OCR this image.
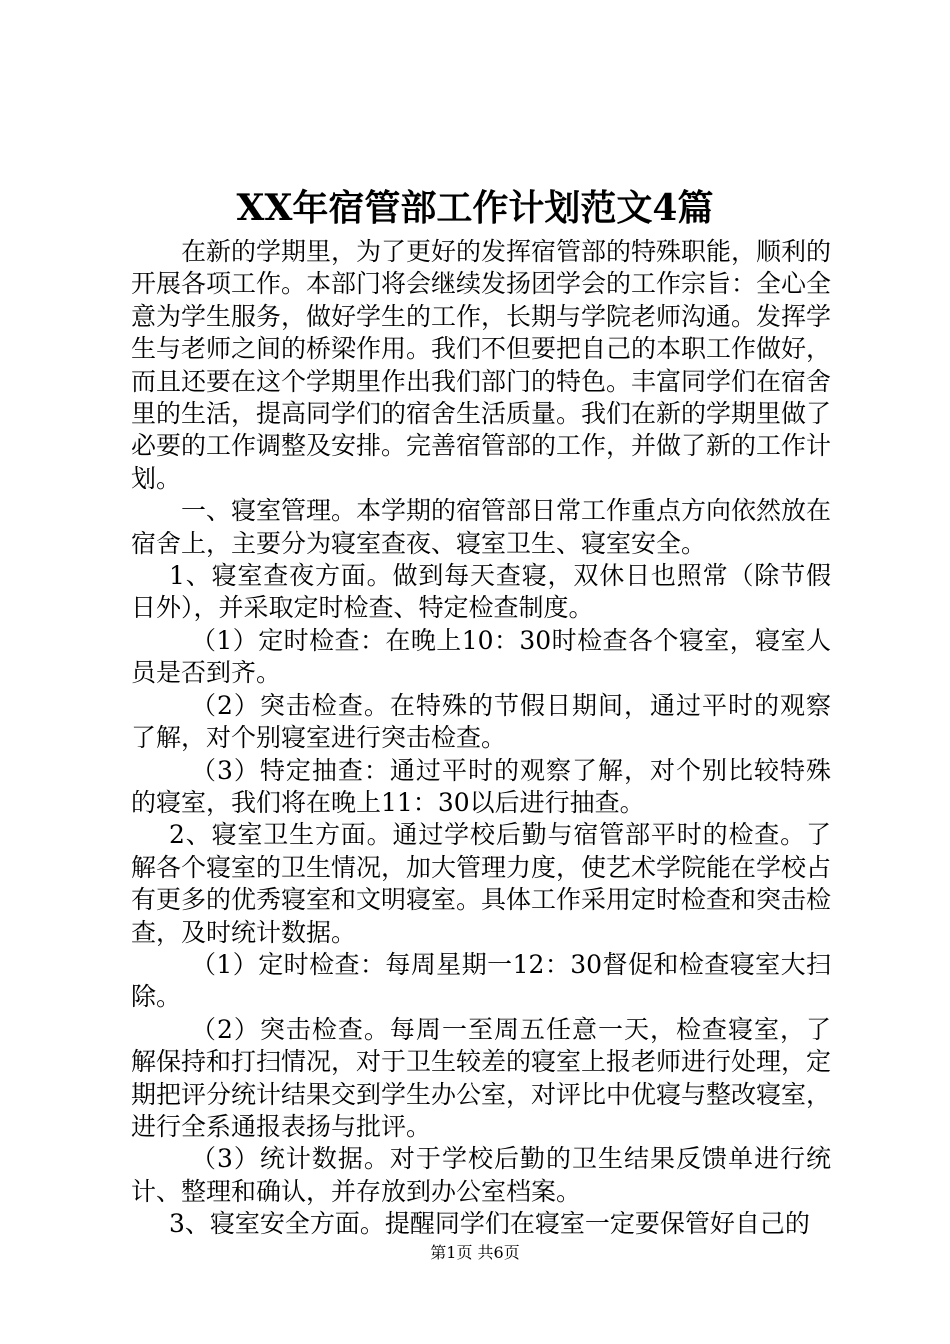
XX年宿管部工作计划范文4篇

在新的学期里，为了更好的发挥宿管部的特殊职能，顺利的开展各项工作。本部门将会继续发扬团学会的工作宗旨：全心全意为学生服务，做好学生的工作，长期与学院老师沟通。发挥学生与老师之间的桥梁作用。我们不但要把自己的本职工作做好，而且还要在这个学期里作出我们部门的特色。丰富同学们在宿舍里的生活，提高同学们的宿舍生活质量。我们在新的学期里做了必要的工作调整及安排。完善宿管部的工作，并做了新的工作计划。

一、寝室管理。本学期的宿管部日常工作重点方向依然放在宿舍上，主要分为寝室查夜、寝室卫生、寝室安全。

1、寝室查夜方面。做到每天查寝，双休日也照常（除节假日外），并采取定时检查、特定检查制度。

（1）定时检查：在晚上10：30时检查各个寝室，寝室人员是否到齐。

（2）突击检查。在特殊的节假日期间，通过平时的观察了解，对个别寝室进行突击检查。

（3）特定抽查：通过平时的观察了解，对个别比较特殊的寝室，我们将在晚上11：30以后进行抽查。

2、寝室卫生方面。通过学校后勤与宿管部平时的检查。了解各个寝室的卫生情况，加大管理力度，使艺术学院能在学校占有更多的优秀寝室和文明寝室。具体工作采用定时检查和突击检查，及时统计数据。

（1）定时检查：每周星期一12：30督促和检查寝室大扫除。

（2）突击检查。每周一至周五任意一天，检查寝室，了解保持和打扫情况，对于卫生较差的寝室上报老师进行处理，定期把评分统计结果交到学生办公室，对评比中优寝与整改寝室，进行全系通报表扬与批评。

（3）统计数据。对于学校后勤的卫生结果反馈单进行统计、整理和确认，并存放到办公室档案。

3、寝室安全方面。提醒同学们在寝室一定要保管好自己的

第1页 共6页
